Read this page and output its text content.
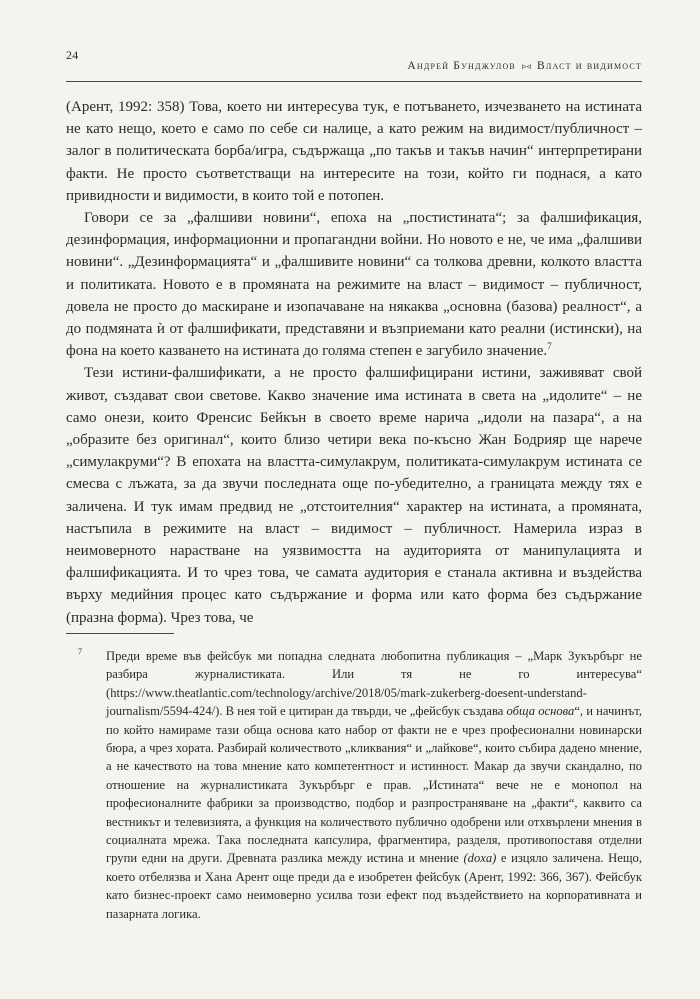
24
Андрей Бунджулов ▹◃ Власт и видимост

(Арент, 1992: 358) Това, което ни интересува тук, е потъването, изчезването на истината не като нещо, което е само по себе си налице, а като режим на видимост/публичност – залог в политическата борба/игра, съдържаща „по такъв и такъв начин“ интерпретирани факти. Не просто съответстващи на интересите на този, който ги поднася, а като привидности и видимости, в които той е потопен.

Говори се за „фалшиви новини“, епоха на „постистината“; за фалшификация, дезинформация, информационни и пропагандни войни. Но новото е не, че има „фалшиви новини“. „Дезинформацията“ и „фалшивите новини“ са толкова древни, колкото властта и политиката. Новото е в промяната на режимите на власт – видимост – публичност, довела не просто до маскиране и изопачаване на някаква „основна (базова) реалност“, а до подмяната ѝ от фалшификати, представяни и възприемани като реални (истински), на фона на което казването на истината до голяма степен е загубило значение.$^7$

Тези истини-фалшификати, а не просто фалшифицирани истини, заживяват свой живот, създават свои светове. Какво значение има истината в света на „идолите“ – не само онези, които Френсис Бейкън в своето време нарича „идоли на пазара“, а на „образите без оригинал“, които близо четири века по-късно Жан Бодрияр ще нарече „симулакруми“? В епохата на властта-симулакрум, политиката-симулакрум истината се смесва с лъжата, за да звучи последната още по-убедително, а границата между тях е заличена. И тук имам предвид не „отстоителния“ характер на истината, а промяната, настъпила в режимите на власт – видимост – публичност. Намерила израз в неимоверното нарастване на уязвимостта на аудиторията от манипулацията и фалшификацията. И то чрез това, че самата аудитория е станала активна и въздейства върху медийния процес като съдържание и форма или като форма без съдържание (празна форма). Чрез това, че

7	Преди време във фейсбук ми попадна следната любопитна публикация – „Марк Зукърбърг не разбира журналистиката. Или тя не го интересува“ (https://www.theatlantic.com/technology/archive/2018/05/mark-zukerberg-doesent-understand-journalism/5594-424/). В нея той е цитиран да твърди, че „фейсбук създава обща основа“, и начинът, по който намираме тази обща основа като набор от факти не е чрез професионални новинарски бюра, а чрез хората. Разбирай количеството „кликвания“ и „лайкове“, които събира дадено мнение, а не качеството на това мнение като компетентност и истинност. Макар да звучи скандално, по отношение на журналистиката Зукърбърг е прав. „Истината“ вече не е монопол на професионалните фабрики за производство, подбор и разпространяване на „факти“, каквито са вестникът и телевизията, а функция на количеството публично одобрени или отхвърлени мнения в социалната мрежа. Така последната капсулира, фрагментира, разделя, противопоставя отделни групи едни на други. Древната разлика между истина и мнение (doxa) е изцяло заличена. Нещо, което отбелязва и Хана Арент още преди да е изобретен фейсбук (Арент, 1992: 366, 367). Фейсбук като бизнес-проект само неимоверно усилва този ефект под въздействието на корпоративната и пазарната логика.
